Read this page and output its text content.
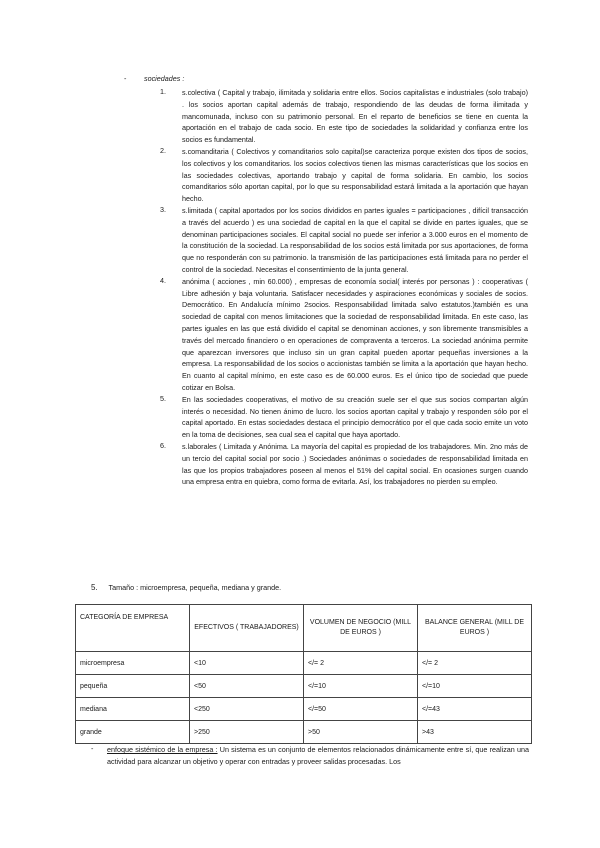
- sociedades :
1. s.colectiva ( Capital y trabajo, ilimitada y solidaria entre ellos. Socios capitalistas e industriales (solo trabajo) . los socios aportan capital además de trabajo, respondiendo de las deudas de forma ilimitada y mancomunada, incluso con su patrimonio personal. En el reparto de beneficios se tiene en cuenta la aportación en el trabajo de cada socio. En este tipo de sociedades la solidaridad y confianza entre los socios es fundamental.
2. s.comanditaria ( Colectivos y comanditarios solo capital)se caracteriza porque existen dos tipos de socios, los colectivos y los comanditarios. los socios colectivos tienen las mismas características que los socios en las sociedades colectivas, aportando trabajo y capital de forma solidaria. En cambio, los socios comanditarios sólo aportan capital, por lo que su responsabilidad estará limitada a la aportación que hayan hecho.
3. s.limitada ( capital aportados por los socios divididos en partes iguales = participaciones , difícil transacción a través del acuerdo ) es una sociedad de capital en la que el capital se divide en partes iguales, que se denominan participaciones sociales. El capital social no puede ser inferior a 3.000 euros en el momento de la constitución de la sociedad. La responsabilidad de los socios está limitada por sus aportaciones, de forma que no responderán con su patrimonio. la transmisión de las participaciones está limitada para no perder el control de la sociedad. Necesitas el consentimiento de la junta general.
4. anónima ( acciones , min 60.000) , empresas de economía social( interés por personas ) : cooperativas ( Libre adhesión y baja voluntaria. Satisfacer necesidades y aspiraciones económicas y sociales de socios. Democrático. En Andalucía mínimo 2socios. Responsabilidad limitada salvo estatutos.)también es una sociedad de capital con menos limitaciones que la sociedad de responsabilidad limitada. En este caso, las partes iguales en las que está dividido el capital se denominan acciones, y son libremente transmisibles a través del mercado financiero o en operaciones de compraventa a terceros. La sociedad anónima permite que aparezcan inversores que incluso sin un gran capital pueden aportar pequeñas inversiones a la empresa. La responsabilidad de los socios o accionistas también se limita a la aportación que hayan hecho. En cuanto al capital mínimo, en este caso es de 60.000 euros. Es el único tipo de sociedad que puede cotizar en Bolsa.
5. En las sociedades cooperativas, el motivo de su creación suele ser el que sus socios compartan algún interés o necesidad. No tienen ánimo de lucro. los socios aportan capital y trabajo y responden sólo por el capital aportado. En estas sociedades destaca el principio democrático por el que cada socio emite un voto en la toma de decisiones, sea cual sea el capital que haya aportado.
6. s.laborales ( Limitada y Anónima. La mayoría del capital es propiedad de los trabajadores. Min. 2no más de un tercio del capital social por socio .) Sociedades anónimas o sociedades de responsabilidad limitada en las que los propios trabajadores poseen al menos el 51% del capital social. En ocasiones surgen cuando una empresa entra en quiebra, como forma de evitarla. Así, los trabajadores no pierden su empleo.
5. Tamaño : microempresa, pequeña, mediana y grande.
CATEGORÍA DE EMPRESA	EFECTIVOS ( TRABAJADORES)	VOLUMEN DE NEGOCIO (MILL DE EUROS )	BALANCE GENERAL (MILL DE EUROS )
microempresa	<10	</= 2	</= 2
pequeña	<50	</=10	</=10
mediana	<250	</=50	</=43
grande	>250	>50	>43
-	enfoque sistémico de la empresa : Un sistema es un conjunto de elementos relacionados dinámicamente entre sí, que realizan una actividad para alcanzar un objetivo y operar con entradas y proveer salidas procesadas. Los
